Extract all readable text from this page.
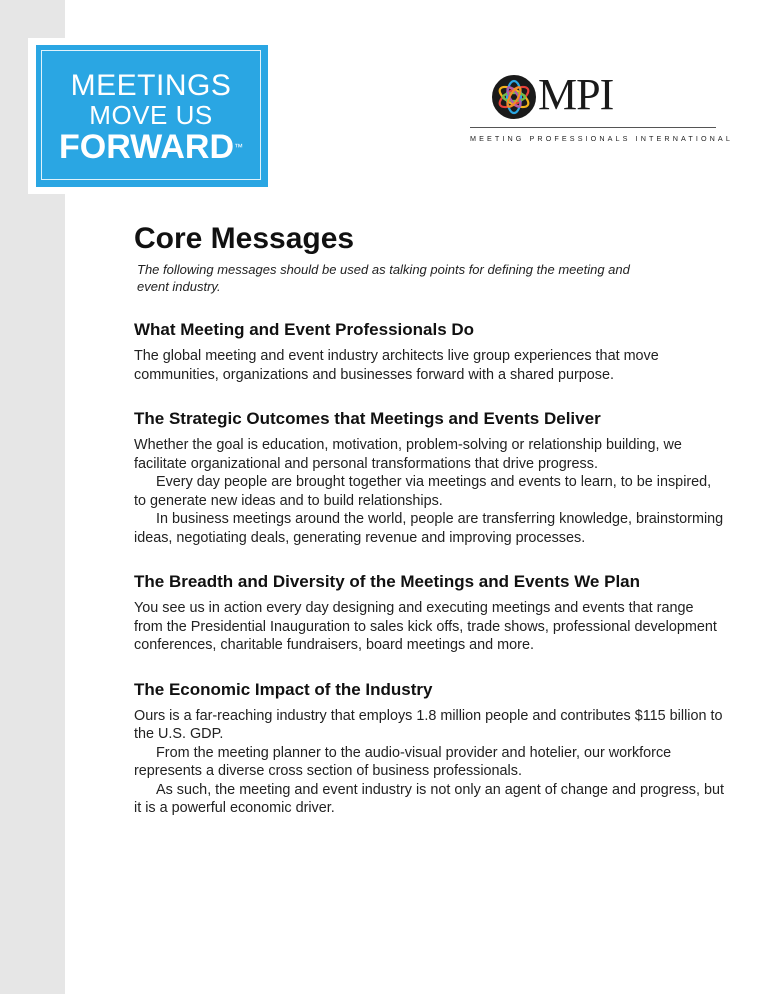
MEETINGS
MOVE US
FORWARD™
MPI
MEETING PROFESSIONALS INTERNATIONAL
Core Messages

The following messages should be used as talking points for defining the meeting and event industry.

What Meeting and Event Professionals Do

The global meeting and event industry architects live group experiences that move communities, organizations and businesses forward with a shared purpose.

The Strategic Outcomes that Meetings and Events Deliver

Whether the goal is education, motivation, problem-solving or relationship building, we facilitate organizational and personal transformations that drive progress.

Every day people are brought together via meetings and events to learn, to be inspired, to generate new ideas and to build relationships.

In business meetings around the world, people are transferring knowledge, brainstorming ideas, negotiating deals, generating revenue and improving processes.

The Breadth and Diversity of the Meetings and Events We Plan

You see us in action every day designing and executing meetings and events that range from the Presidential Inauguration to sales kick offs, trade shows, professional development conferences, charitable fundraisers, board meetings and more.

The Economic Impact of the Industry

Ours is a far-reaching industry that employs 1.8 million people and contributes $115 billion to the U.S. GDP.

From the meeting planner to the audio-visual provider and hotelier, our workforce represents a diverse cross section of business professionals.

As such, the meeting and event industry is not only an agent of change and progress, but it is a powerful economic driver.
